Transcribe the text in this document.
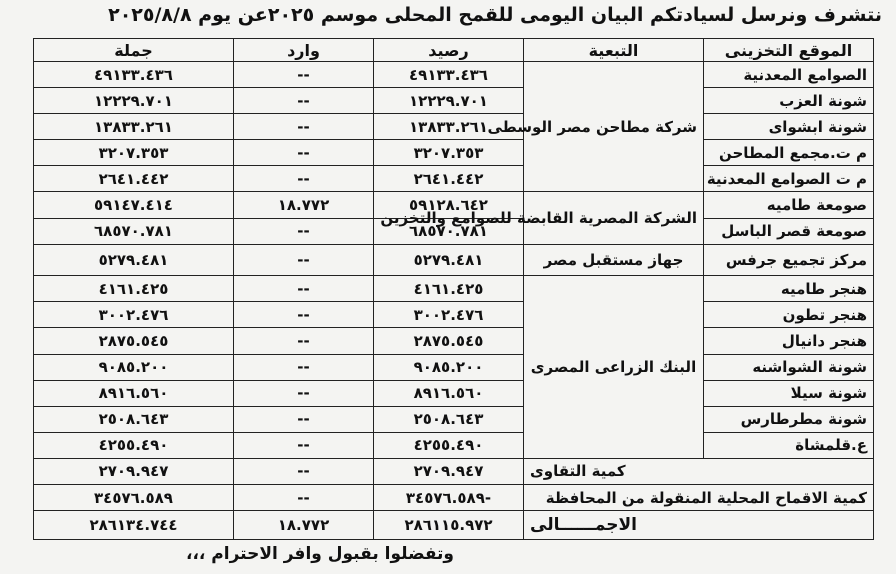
نتشرف ونرسل لسيادتكم البيان اليومى للقمح المحلى موسم ٢٠٢٥عن يوم ٢٠٢٥/٨/٨
الموقع التخزينى	التبعية	رصيد	وارد	جملة
الصوامع المعدنية	شركة مطاحن مصر الوسطى	٤٩١٣٣.٤٣٦	--	٤٩١٣٣.٤٣٦
شونة العزب		١٢٢٢٩.٧٠١	--	١٢٢٢٩.٧٠١
شونة ابشواى		١٣٨٣٣.٢٦١	--	١٣٨٣٣.٢٦١
م ت.مجمع المطاحن		٣٢٠٧.٣٥٣	--	٣٢٠٧.٣٥٣
م ت الصوامع المعدنية		٢٦٤١.٤٤٢	--	٢٦٤١.٤٤٢
صومعة طاميه	الشركة المصرية القابضة للصوامع والتخزين	٥٩١٢٨.٦٤٢	١٨.٧٧٢	٥٩١٤٧.٤١٤
صومعة قصر الباسل		٦٨٥٧٠.٧٨١	--	٦٨٥٧٠.٧٨١
مركز تجميع جرفس	جهاز مستقبل مصر	٥٢٧٩.٤٨١	--	٥٢٧٩.٤٨١
هنجر طاميه	البنك الزراعى المصرى	٤١٦١.٤٢٥	--	٤١٦١.٤٢٥
هنجر تطون		٣٠٠٢.٤٧٦	--	٣٠٠٢.٤٧٦
هنجر دانيال		٢٨٧٥.٥٤٥	--	٢٨٧٥.٥٤٥
شونة الشواشنه		٩٠٨٥.٢٠٠	--	٩٠٨٥.٢٠٠
شونة سيلا		٨٩١٦.٥٦٠	--	٨٩١٦.٥٦٠
شونة مطرطارس		٢٥٠٨.٦٤٣	--	٢٥٠٨.٦٤٣
ع.قلمشاة		٤٢٥٥.٤٩٠	--	٤٢٥٥.٤٩٠
كمية التقاوى		٢٧٠٩.٩٤٧	--	٢٧٠٩.٩٤٧
كمية الاقماح المحلية المنقولة من المحافظة		-٣٤٥٧٦.٥٨٩	--	٣٤٥٧٦.٥٨٩
الاجمــــــالى		٢٨٦١١٥.٩٧٢	١٨.٧٧٢	٢٨٦١٣٤.٧٤٤
وتفضلوا بقبول وافر الاحترام ،،،
